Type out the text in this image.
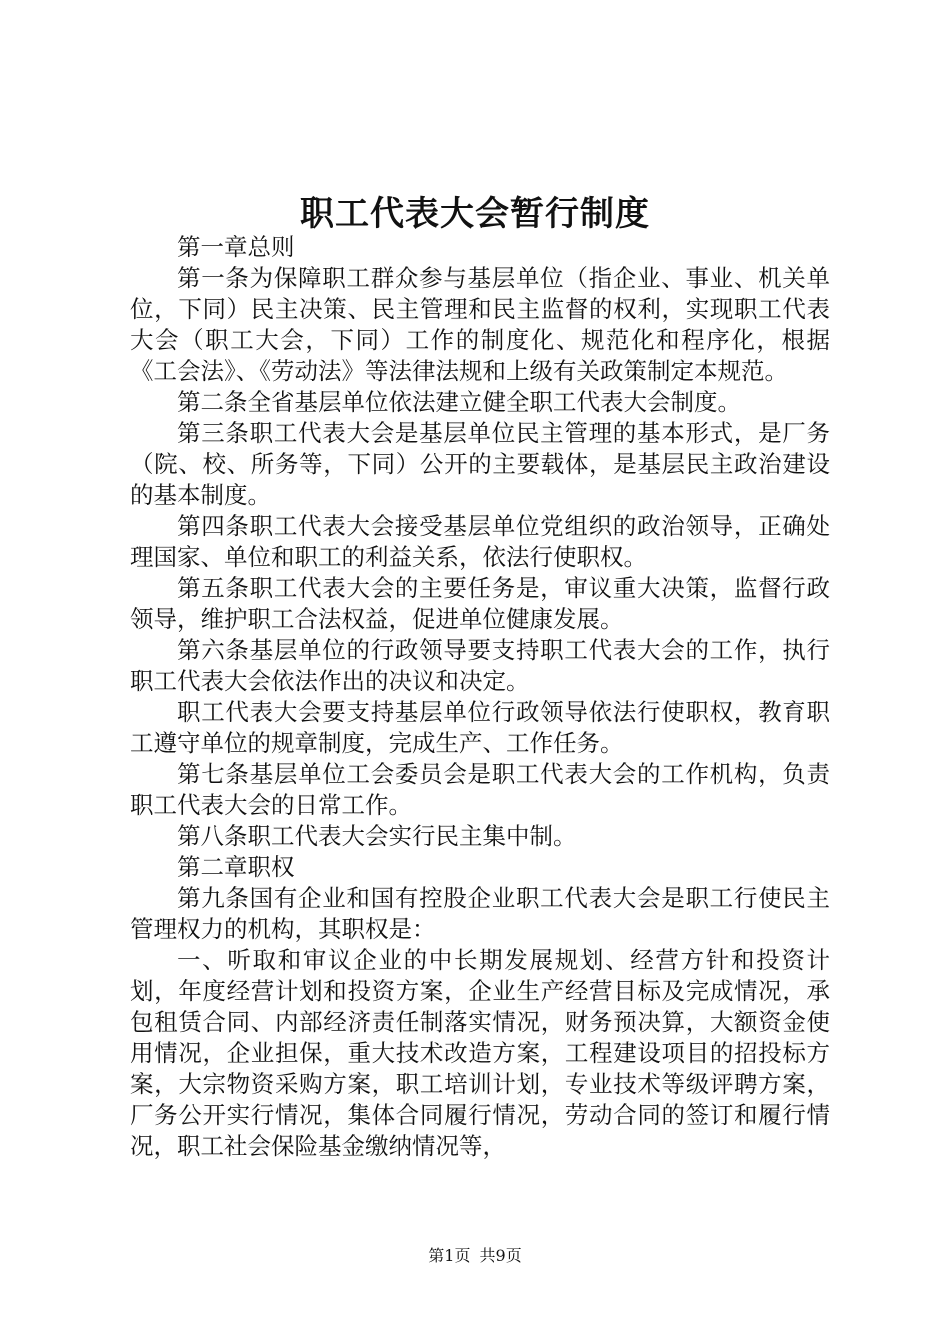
职工代表大会暂行制度

第一章总则

第一条为保障职工群众参与基层单位（指企业、事业、机关单位，下同）民主决策、民主管理和民主监督的权利，实现职工代表大会（职工大会，下同）工作的制度化、规范化和程序化，根据《工会法》、《劳动法》等法律法规和上级有关政策制定本规范。

第二条全省基层单位依法建立健全职工代表大会制度。

第三条职工代表大会是基层单位民主管理的基本形式，是厂务（院、校、所务等，下同）公开的主要载体，是基层民主政治建设的基本制度。

第四条职工代表大会接受基层单位党组织的政治领导，正确处理国家、单位和职工的利益关系，依法行使职权。

第五条职工代表大会的主要任务是，审议重大决策，监督行政领导，维护职工合法权益，促进单位健康发展。

第六条基层单位的行政领导要支持职工代表大会的工作，执行职工代表大会依法作出的决议和决定。

职工代表大会要支持基层单位行政领导依法行使职权，教育职工遵守单位的规章制度，完成生产、工作任务。

第七条基层单位工会委员会是职工代表大会的工作机构，负责职工代表大会的日常工作。

第八条职工代表大会实行民主集中制。

第二章职权

第九条国有企业和国有控股企业职工代表大会是职工行使民主管理权力的机构，其职权是：

一、听取和审议企业的中长期发展规划、经营方针和投资计划，年度经营计划和投资方案，企业生产经营目标及完成情况，承包租赁合同、内部经济责任制落实情况，财务预决算，大额资金使用情况，企业担保，重大技术改造方案，工程建设项目的招投标方案，大宗物资采购方案，职工培训计划，专业技术等级评聘方案，厂务公开实行情况，集体合同履行情况，劳动合同的签订和履行情况，职工社会保险基金缴纳情况等，

第1页 共9页
